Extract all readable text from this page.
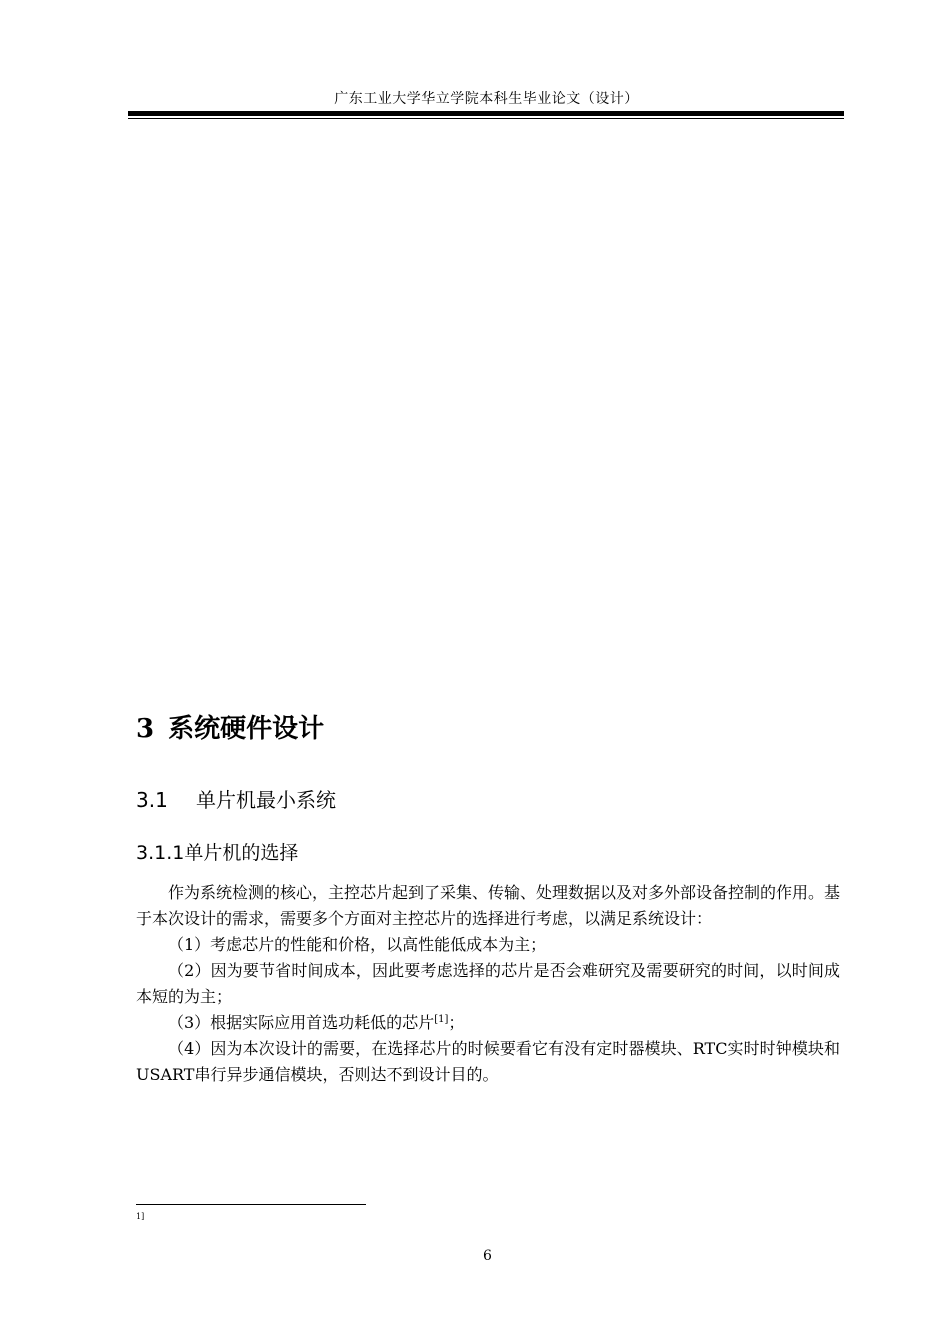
广东工业大学华立学院本科生毕业论文（设计）
3 系统硬件设计
3.1 单片机最小系统
3.1.1单片机的选择

作为系统检测的核心，主控芯片起到了采集、传输、处理数据以及对多外部设备控制的作用。基于本次设计的需求，需要多个方面对主控芯片的选择进行考虑，以满足系统设计：

（1）考虑芯片的性能和价格，以高性能低成本为主；

（2）因为要节省时间成本，因此要考虑选择的芯片是否会难研究及需要研究的时间，以时间成本短的为主；

（3）根据实际应用首选功耗低的芯片[1]；

（4）因为本次设计的需要，在选择芯片的时候要看它有没有定时器模块、RTC实时时钟模块和USART串行异步通信模块，否则达不到设计目的。

1]
6
